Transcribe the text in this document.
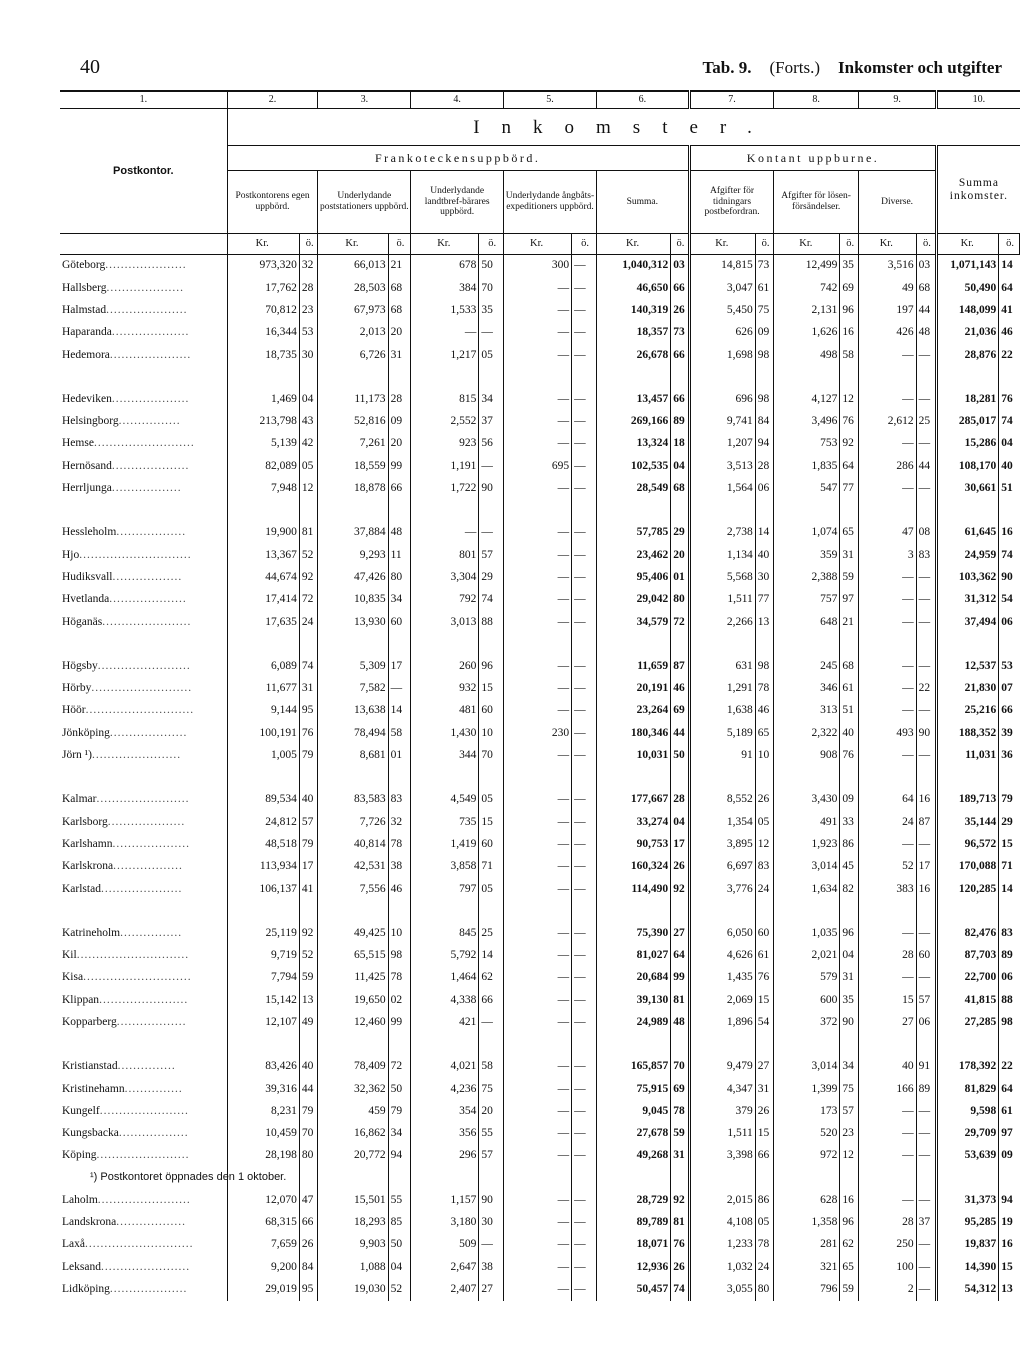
40	Tab. 9. (Forts.) Inkomster och utgifter
1.	2.		3.		4.		5.		6.		7.		8.		9.		10.	
Postkontor.	Inkomster.																	
	Frankoteckensuppbörd.										Kontant uppburne.						Summa inkomster.	
	Postkontorens egen uppbörd.		Underlydande poststationers uppbörd.		Underlydande landtbref-bärares uppbörd.		Underlydande ångbåts-expeditioners uppbörd.		Summa.		Afgifter för tidningars postbefordran.		Afgifter för lösen-försändelser.		Diverse.			
	Kr.	ö.	Kr.	ö.	Kr.	ö.	Kr.	ö.	Kr.	ö.	Kr.	ö.	Kr.	ö.	Kr.	ö.	Kr.	ö.
Göteborg.....................	973,320	32	66,013	21	678	50	300	—	1,040,312	03	14,815	73	12,499	35	3,516	03	1,071,143	14
Hallsberg....................	17,762	28	28,503	68	384	70	—	—	46,650	66	3,047	61	742	69	49	68	50,490	64
Halmstad.....................	70,812	23	67,973	68	1,533	35	—	—	140,319	26	5,450	75	2,131	96	197	44	148,099	41
Haparanda....................	16,344	53	2,013	20	—	—	—	—	18,357	73	626	09	1,626	16	426	48	21,036	46
Hedemora.....................	18,735	30	6,726	31	1,217	05	—	—	26,678	66	1,698	98	498	58	—	—	28,876	22

Hedeviken....................	1,469	04	11,173	28	815	34	—	—	13,457	66	696	98	4,127	12	—	—	18,281	76
Helsingborg................	213,798	43	52,816	09	2,552	37	—	—	269,166	89	9,741	84	3,496	76	2,612	25	285,017	74
Hemse..........................	5,139	42	7,261	20	923	56	—	—	13,324	18	1,207	94	753	92	—	—	15,286	04
Hernösand....................	82,089	05	18,559	99	1,191	—	695	—	102,535	04	3,513	28	1,835	64	286	44	108,170	40
Herrljunga..................	7,948	12	18,878	66	1,722	90	—	—	28,549	68	1,564	06	547	77	—	—	30,661	51

Hessleholm..................	19,900	81	37,884	48	—	—	—	—	57,785	29	2,738	14	1,074	65	47	08	61,645	16
Hjo.............................	13,367	52	9,293	11	801	57	—	—	23,462	20	1,134	40	359	31	3	83	24,959	74
Hudiksvall..................	44,674	92	47,426	80	3,304	29	—	—	95,406	01	5,568	30	2,388	59	—	—	103,362	90
Hvetlanda....................	17,414	72	10,835	34	792	74	—	—	29,042	80	1,511	77	757	97	—	—	31,312	54
Höganäs.......................	17,635	24	13,930	60	3,013	88	—	—	34,579	72	2,266	13	648	21	—	—	37,494	06

Högsby........................	6,089	74	5,309	17	260	96	—	—	11,659	87	631	98	245	68	—	—	12,537	53
Hörby..........................	11,677	31	7,582	—	932	15	—	—	20,191	46	1,291	78	346	61	—	22	21,830	07
Höör............................	9,144	95	13,638	14	481	60	—	—	23,264	69	1,638	46	313	51	—	—	25,216	66
Jönköping....................	100,191	76	78,494	58	1,430	10	230	—	180,346	44	5,189	65	2,322	40	493	90	188,352	39
Jörn ¹).......................	1,005	79	8,681	01	344	70	—	—	10,031	50	91	10	908	76	—	—	11,031	36

Kalmar........................	89,534	40	83,583	83	4,549	05	—	—	177,667	28	8,552	26	3,430	09	64	16	189,713	79
Karlsborg....................	24,812	57	7,726	32	735	15	—	—	33,274	04	1,354	05	491	33	24	87	35,144	29
Karlshamn....................	48,518	79	40,814	78	1,419	60	—	—	90,753	17	3,895	12	1,923	86	—	—	96,572	15
Karlskrona..................	113,934	17	42,531	38	3,858	71	—	—	160,324	26	6,697	83	3,014	45	52	17	170,088	71
Karlstad.....................	106,137	41	7,556	46	797	05	—	—	114,490	92	3,776	24	1,634	82	383	16	120,285	14

Katrineholm................	25,119	92	49,425	10	845	25	—	—	75,390	27	6,050	60	1,035	96	—	—	82,476	83
Kil.............................	9,719	52	65,515	98	5,792	14	—	—	81,027	64	4,626	61	2,021	04	28	60	87,703	89
Kisa............................	7,794	59	11,425	78	1,464	62	—	—	20,684	99	1,435	76	579	31	—	—	22,700	06
Klippan.......................	15,142	13	19,650	02	4,338	66	—	—	39,130	81	2,069	15	600	35	15	57	41,815	88
Kopparberg..................	12,107	49	12,460	99	421	—	—	—	24,989	48	1,896	54	372	90	27	06	27,285	98

Kristianstad...............	83,426	40	78,409	72	4,021	58	—	—	165,857	70	9,479	27	3,014	34	40	91	178,392	22
Kristinehamn...............	39,316	44	32,362	50	4,236	75	—	—	75,915	69	4,347	31	1,399	75	166	89	81,829	64
Kungelf.......................	8,231	79	459	79	354	20	—	—	9,045	78	379	26	173	57	—	—	9,598	61
Kungsbacka..................	10,459	70	16,862	34	356	55	—	—	27,678	59	1,511	15	520	23	—	—	29,709	97
Köping........................	28,198	80	20,772	94	296	57	—	—	49,268	31	3,398	66	972	12	—	—	53,639	09

Laholm........................	12,070	47	15,501	55	1,157	90	—	—	28,729	92	2,015	86	628	16	—	—	31,373	94
Landskrona..................	68,315	66	18,293	85	3,180	30	—	—	89,789	81	4,108	05	1,358	96	28	37	95,285	19
Laxå............................	7,659	26	9,903	50	509	—	—	—	18,071	76	1,233	78	281	62	250	—	19,837	16
Leksand.......................	9,200	84	1,088	04	2,647	38	—	—	12,936	26	1,032	24	321	65	100	—	14,390	15
Lidköping....................	29,019	95	19,030	52	2,407	27	—	—	50,457	74	3,055	80	796	59	2	—	54,312	13
¹) Postkontoret öppnades den 1 oktober.
